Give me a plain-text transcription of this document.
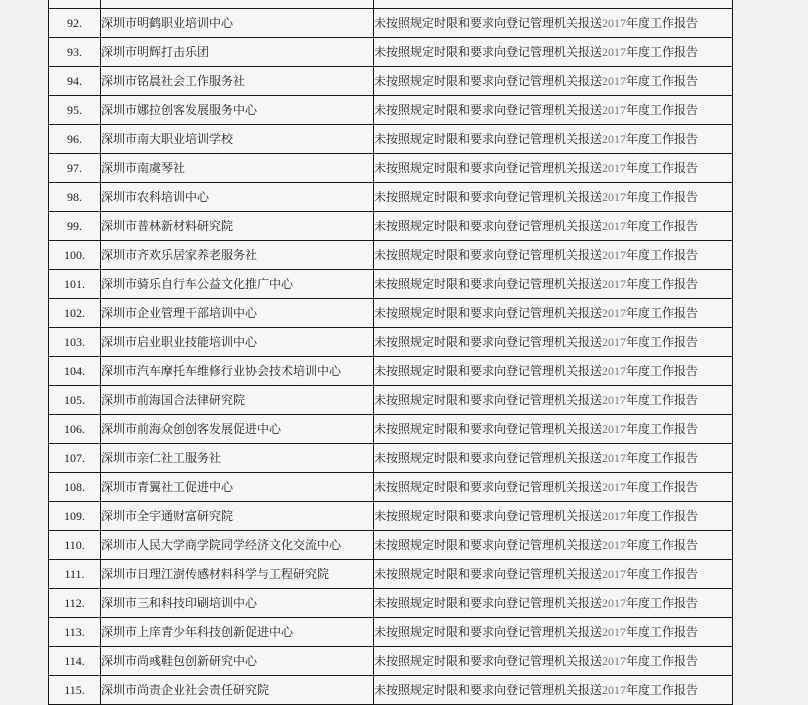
92.	深圳市明鹤职业培训中心	未按照规定时限和要求向登记管理机关报送2017年度工作报告
93.	深圳市明辉打击乐团	未按照规定时限和要求向登记管理机关报送2017年度工作报告
94.	深圳市铭晨社会工作服务社	未按照规定时限和要求向登记管理机关报送2017年度工作报告
95.	深圳市娜拉创客发展服务中心	未按照规定时限和要求向登记管理机关报送2017年度工作报告
96.	深圳市南大职业培训学校	未按照规定时限和要求向登记管理机关报送2017年度工作报告
97.	深圳市南虞琴社	未按照规定时限和要求向登记管理机关报送2017年度工作报告
98.	深圳市农科培训中心	未按照规定时限和要求向登记管理机关报送2017年度工作报告
99.	深圳市普林新材料研究院	未按照规定时限和要求向登记管理机关报送2017年度工作报告
100.	深圳市齐欢乐居家养老服务社	未按照规定时限和要求向登记管理机关报送2017年度工作报告
101.	深圳市骑乐自行车公益文化推广中心	未按照规定时限和要求向登记管理机关报送2017年度工作报告
102.	深圳市企业管理干部培训中心	未按照规定时限和要求向登记管理机关报送2017年度工作报告
103.	深圳市启业职业技能培训中心	未按照规定时限和要求向登记管理机关报送2017年度工作报告
104.	深圳市汽车摩托车维修行业协会技术培训中心	未按照规定时限和要求向登记管理机关报送2017年度工作报告
105.	深圳市前海国合法律研究院	未按照规定时限和要求向登记管理机关报送2017年度工作报告
106.	深圳市前海众创创客发展促进中心	未按照规定时限和要求向登记管理机关报送2017年度工作报告
107.	深圳市亲仁社工服务社	未按照规定时限和要求向登记管理机关报送2017年度工作报告
108.	深圳市青翼社工促进中心	未按照规定时限和要求向登记管理机关报送2017年度工作报告
109.	深圳市全宇通财富研究院	未按照规定时限和要求向登记管理机关报送2017年度工作报告
110.	深圳市人民大学商学院同学经济文化交流中心	未按照规定时限和要求向登记管理机关报送2017年度工作报告
111.	深圳市日理江澍传感材料科学与工程研究院	未按照规定时限和要求向登记管理机关报送2017年度工作报告
112.	深圳市三和科技印刷培训中心	未按照规定时限和要求向登记管理机关报送2017年度工作报告
113.	深圳市上庠青少年科技创新促进中心	未按照规定时限和要求向登记管理机关报送2017年度工作报告
114.	深圳市尚彧鞋包创新研究中心	未按照规定时限和要求向登记管理机关报送2017年度工作报告
115.	深圳市尚责企业社会责任研究院	未按照规定时限和要求向登记管理机关报送2017年度工作报告
